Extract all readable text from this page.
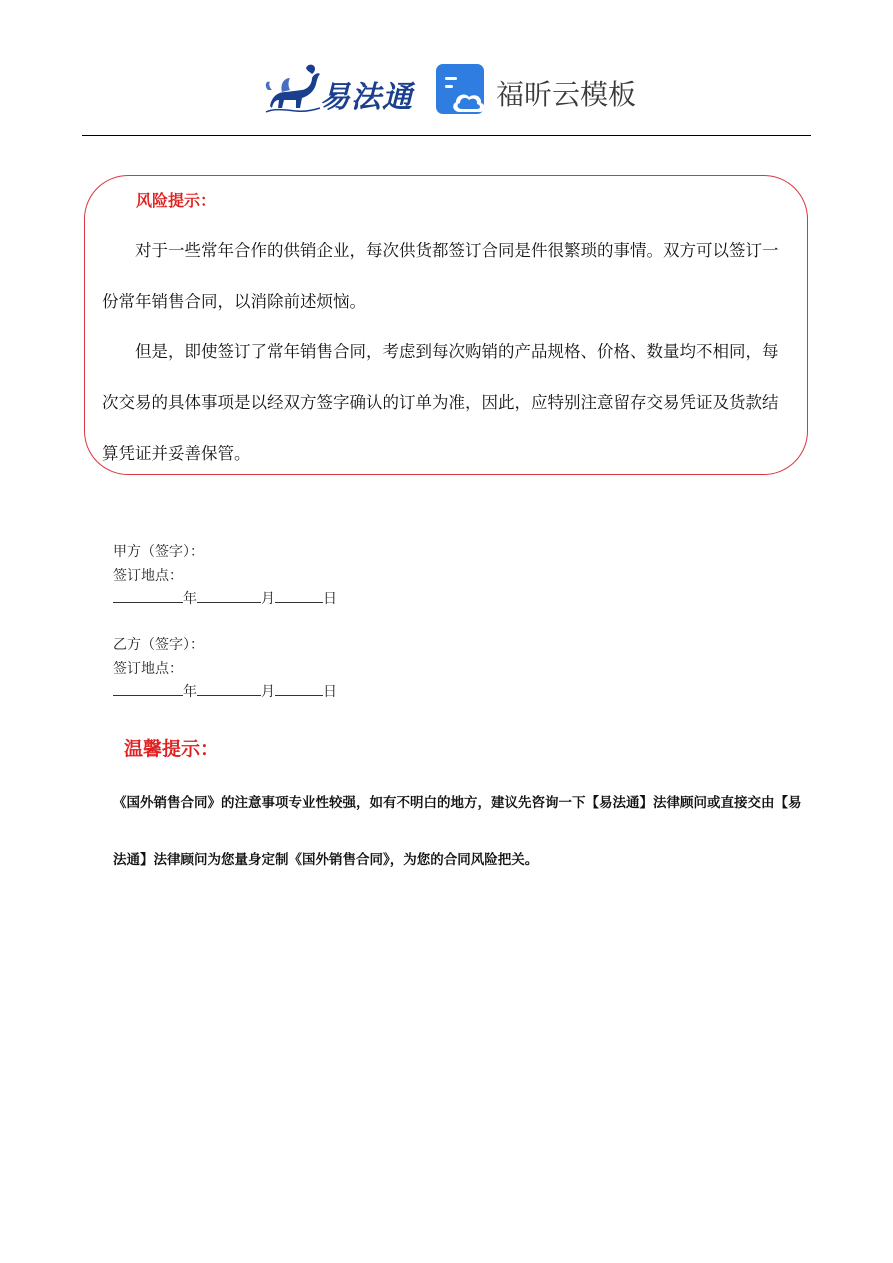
易法通	福昕云模板
风险提示：

对于一些常年合作的供销企业，每次供货都签订合同是件很繁琐的事情。双方可以签订一份常年销售合同，以消除前述烦恼。

但是，即使签订了常年销售合同，考虑到每次购销的产品规格、价格、数量均不相同，每次交易的具体事项是以经双方签字确认的订单为准，因此，应特别注意留存交易凭证及货款结算凭证并妥善保管。

甲方（签字）：
签订地点：
年	月	日
乙方（签字）：
签订地点：
年	月	日
温馨提示：

《国外销售合同》的注意事项专业性较强，如有不明白的地方，建议先咨询一下【易法通】法律顾问或直接交由【易法通】法律顾问为您量身定制《国外销售合同》，为您的合同风险把关。
